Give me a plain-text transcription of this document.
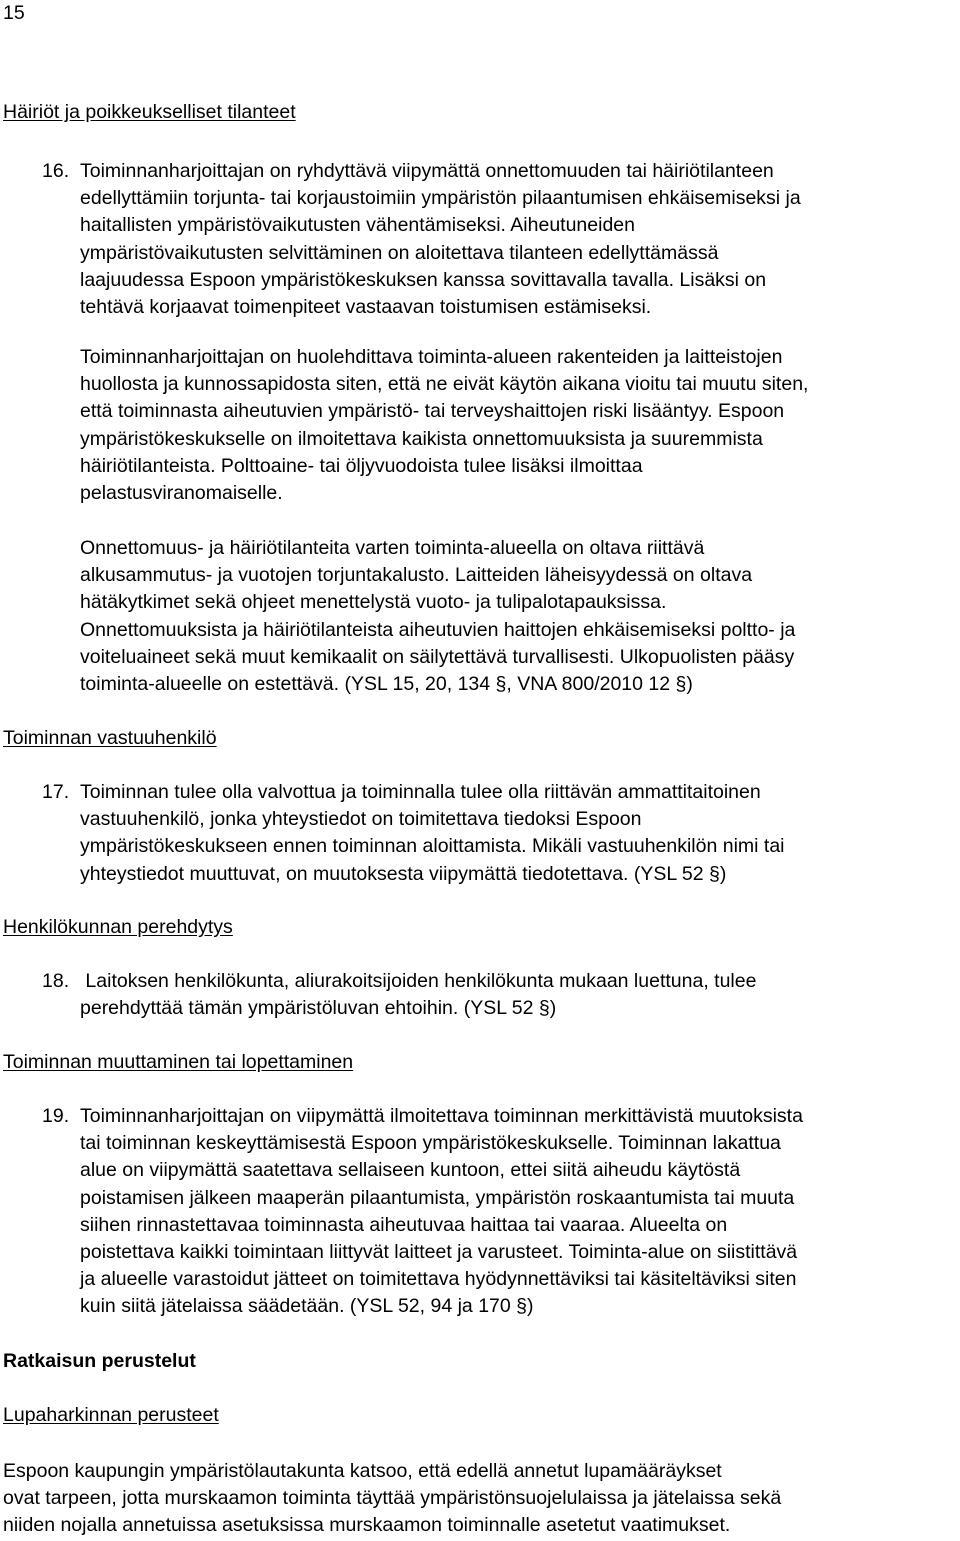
15
Häiriöt ja poikkeukselliset tilanteet
16. Toiminnanharjoittajan on ryhdyttävä viipymättä onnettomuuden tai häiriötilanteen
edellyttämiin torjunta- tai korjaustoimiin ympäristön pilaantumisen ehkäisemiseksi ja
haitallisten ympäristövaikutusten vähentämiseksi. Aiheutuneiden
ympäristövaikutusten selvittäminen on aloitettava tilanteen edellyttämässä
laajuudessa Espoon ympäristökeskuksen kanssa sovittavalla tavalla. Lisäksi on
tehtävä korjaavat toimenpiteet vastaavan toistumisen estämiseksi.
Toiminnanharjoittajan on huolehdittava toiminta-alueen rakenteiden ja laitteistojen
huollosta ja kunnossapidosta siten, että ne eivät käytön aikana vioitu tai muutu siten,
että toiminnasta aiheutuvien ympäristö- tai terveyshaittojen riski lisääntyy. Espoon
ympäristökeskukselle on ilmoitettava kaikista onnettomuuksista ja suuremmista
häiriötilanteista. Polttoaine- tai öljyvuodoista tulee lisäksi ilmoittaa
pelastusviranomaiselle.
Onnettomuus- ja häiriötilanteita varten toiminta-alueella on oltava riittävä
alkusammutus- ja vuotojen torjuntakalusto. Laitteiden läheisyydessä on oltava
hätäkytkimet sekä ohjeet menettelystä vuoto- ja tulipalotapauksissa.
Onnettomuuksista ja häiriötilanteista aiheutuvien haittojen ehkäisemiseksi poltto- ja
voiteluaineet sekä muut kemikaalit on säilytettävä turvallisesti. Ulkopuolisten pääsy
toiminta-alueelle on estettävä. (YSL 15, 20, 134 §, VNA 800/2010 12 §)
Toiminnan vastuuhenkilö
17. Toiminnan tulee olla valvottua ja toiminnalla tulee olla riittävän ammattitaitoinen
vastuuhenkilö, jonka yhteystiedot on toimitettava tiedoksi Espoon
ympäristökeskukseen ennen toiminnan aloittamista. Mikäli vastuuhenkilön nimi tai
yhteystiedot muuttuvat, on muutoksesta viipymättä tiedotettava. (YSL 52 §)
Henkilökunnan perehdytys
18. Laitoksen henkilökunta, aliurakoitsijoiden henkilökunta mukaan luettuna, tulee
perehdyttää tämän ympäristöluvan ehtoihin. (YSL 52 §)
Toiminnan muuttaminen tai lopettaminen
19. Toiminnanharjoittajan on viipymättä ilmoitettava toiminnan merkittävistä muutoksista
tai toiminnan keskeyttämisestä Espoon ympäristökeskukselle. Toiminnan lakattua
alue on viipymättä saatettava sellaiseen kuntoon, ettei siitä aiheudu käytöstä
poistamisen jälkeen maaperän pilaantumista, ympäristön roskaantumista tai muuta
siihen rinnastettavaa toiminnasta aiheutuvaa haittaa tai vaaraa. Alueelta on
poistettava kaikki toimintaan liittyvät laitteet ja varusteet. Toiminta-alue on siistittävä
ja alueelle varastoidut jätteet on toimitettava hyödynnettäviksi tai käsiteltäviksi siten
kuin siitä jätelaissa säädetään. (YSL 52, 94 ja 170 §)
Ratkaisun perustelut
Lupaharkinnan perusteet
Espoon kaupungin ympäristölautakunta katsoo, että edellä annetut lupamääräykset
ovat tarpeen, jotta murskaamon toiminta täyttää ympäristönsuojelulaissa ja jätelaissa sekä
niiden nojalla annetuissa asetuksissa murskaamon toiminnalle asetetut vaatimukset.
